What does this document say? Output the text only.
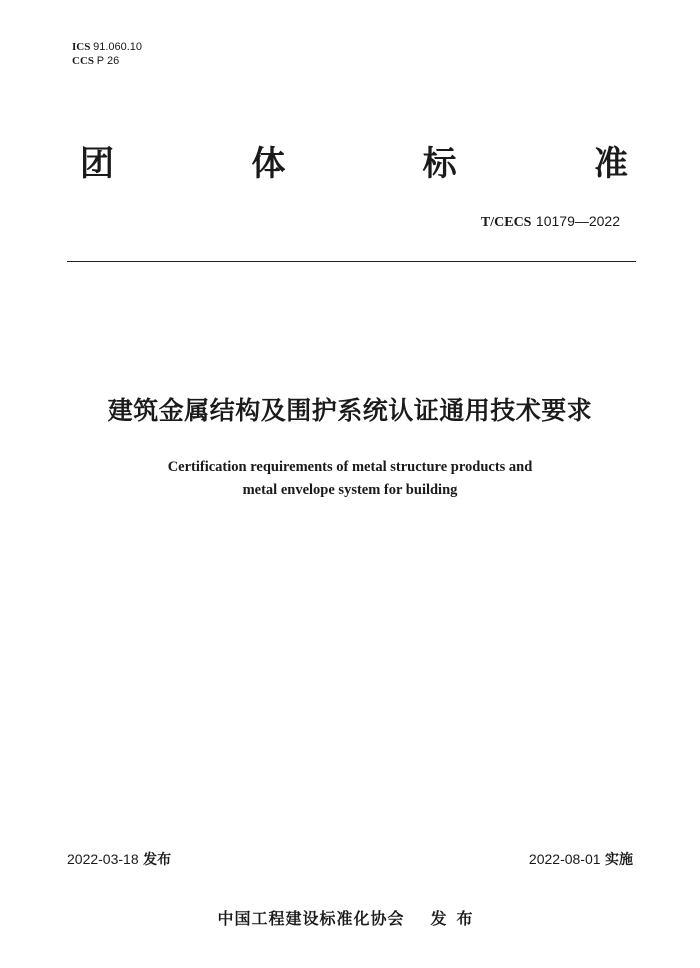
ICS 91.060.10
CCS P 26
团	体	标	准
T/CECS 10179—2022
建筑金属结构及围护系统认证通用技术要求
Certification requirements of metal structure products and
metal envelope system for building
2022-03-18 发布	2022-08-01 实施
中国工程建设标准化协会 发布
